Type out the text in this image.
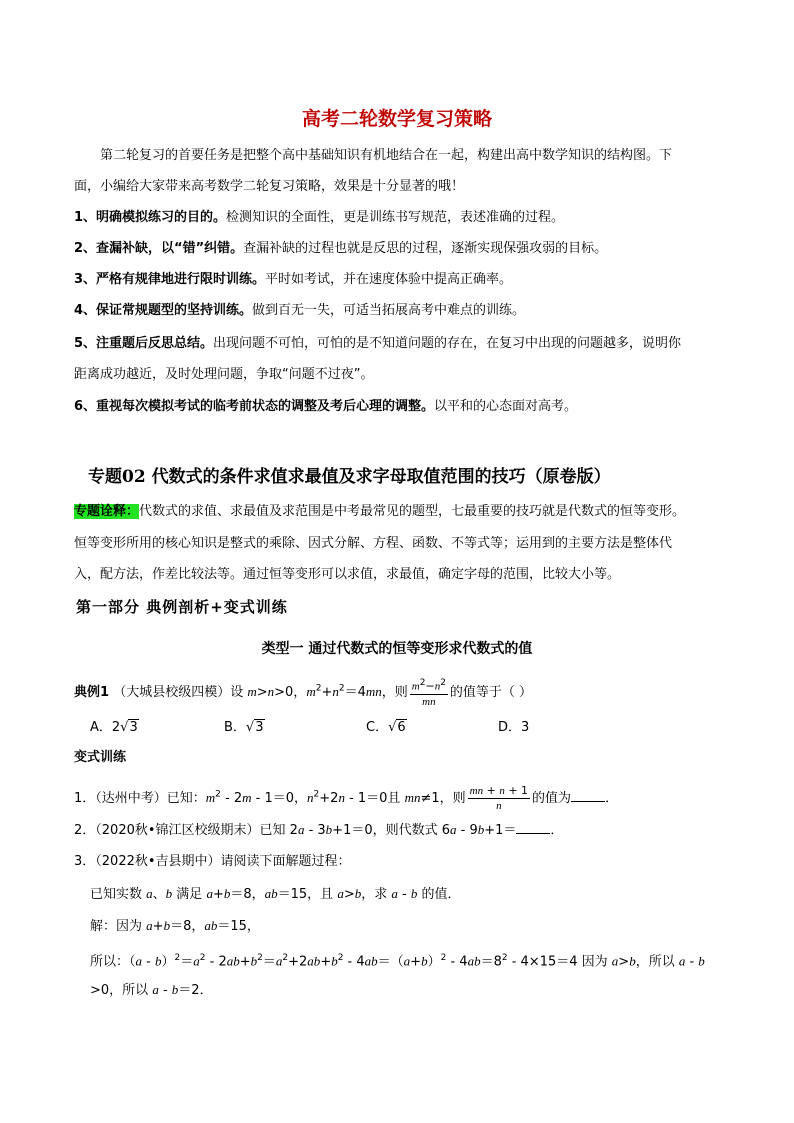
高考二轮数学复习策略
第二轮复习的首要任务是把整个高中基础知识有机地结合在一起，构建出高中数学知识的结构图。下
面，小编给大家带来高考数学二轮复习策略，效果是十分显著的哦！
1、明确模拟练习的目的。检测知识的全面性，更是训练书写规范，表述准确的过程。
2、查漏补缺，以“错”纠错。查漏补缺的过程也就是反思的过程，逐渐实现保强攻弱的目标。
3、严格有规律地进行限时训练。平时如考试，并在速度体验中提高正确率。
4、保证常规题型的坚持训练。做到百无一失，可适当拓展高考中难点的训练。
5、注重题后反思总结。出现问题不可怕，可怕的是不知道问题的存在，在复习中出现的问题越多，说明你
距离成功越近，及时处理问题，争取“问题不过夜”。
6、重视每次模拟考试的临考前状态的调整及考后心理的调整。以平和的心态面对高考。
专题02 代数式的条件求值求最值及求字母取值范围的技巧（原卷版）
专题诠释：代数式的求值、求最值及求范围是中考最常见的题型，七最重要的技巧就是代数式的恒等变形。
恒等变形所用的核心知识是整式的乘除、因式分解、方程、函数、不等式等；运用到的主要方法是整体代
入，配方法，作差比较法等。通过恒等变形可以求值，求最值，确定字母的范围，比较大小等。
第一部分 典例剖析+变式训练
类型一 通过代数式的恒等变形求代数式的值
典例1 （大城县校级四模）设 m>n>0，$m^2+n^2=4mn$，则 $\frac{m^2-n^2}{mn}$ 的值等于（ ）
A．2√3	B．√3	C．√6	D．3
变式训练
1．（达州中考）已知：$m^2 - 2m - 1=0$，$n^2+2n - 1=0$且 mn≠1，则 $\frac{mn + n + 1}{n}$ 的值为	．
2．（2020秋•锦江区校级期末）已知 2a - 3b+1＝0，则代数式 6a - 9b+1＝	．
3．（2022秋•吉县期中）请阅读下面解题过程：
已知实数 a、b 满足 a+b＝8，ab＝15，且 a>b，求 a - b 的值．
解：因为 a+b＝8，ab＝15，
所以：$(a - b)^2=a^2 - 2ab+b^2=a^2+2ab+b^2 - 4ab=(a+b)^2 - 4ab=8^2 - 4\times 15=4$ 因为 a>b，所以 a - b
>0，所以 a - b＝2．
